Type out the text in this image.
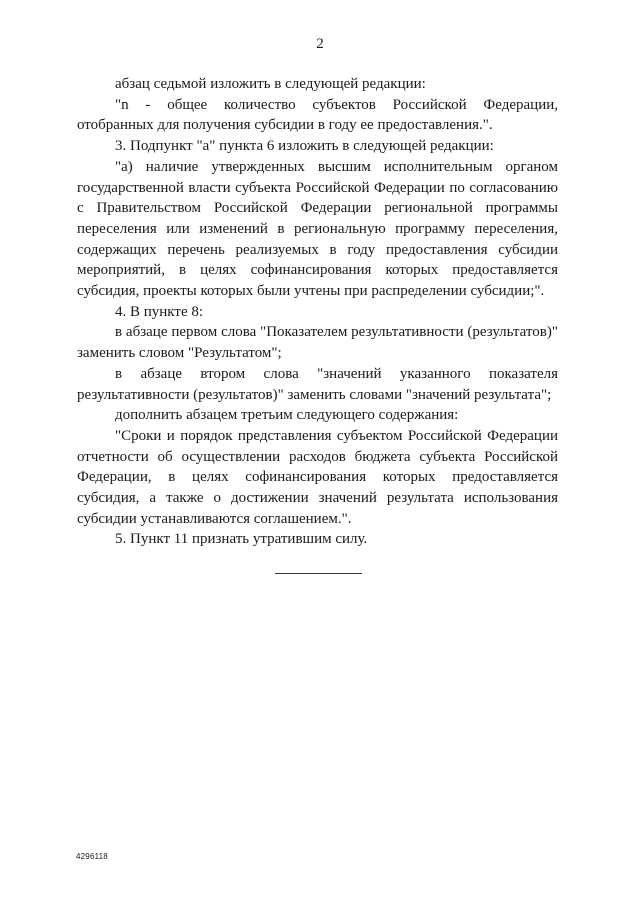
2

абзац седьмой изложить в следующей редакции:

"n - общее количество субъектов Российской Федерации, отобранных для получения субсидии в году ее предоставления.".

3. Подпункт "а" пункта 6 изложить в следующей редакции:

"а) наличие утвержденных высшим исполнительным органом государственной власти субъекта Российской Федерации по согласованию с Правительством Российской Федерации региональной программы переселения или изменений в региональную программу переселения, содержащих перечень реализуемых в году предоставления субсидии мероприятий, в целях софинансирования которых предоставляется субсидия, проекты которых были учтены при распределении субсидии;".

4. В пункте 8:

в абзаце первом слова "Показателем результативности (результатов)" заменить словом "Результатом";

в абзаце втором слова "значений указанного показателя результативности (результатов)" заменить словами "значений результата";

дополнить абзацем третьим следующего содержания:

"Сроки и порядок представления субъектом Российской Федерации отчетности об осуществлении расходов бюджета субъекта Российской Федерации, в целях софинансирования которых предоставляется субсидия, а также о достижении значений результата использования субсидии устанавливаются соглашением.".

5. Пункт 11 признать утратившим силу.

4296118
